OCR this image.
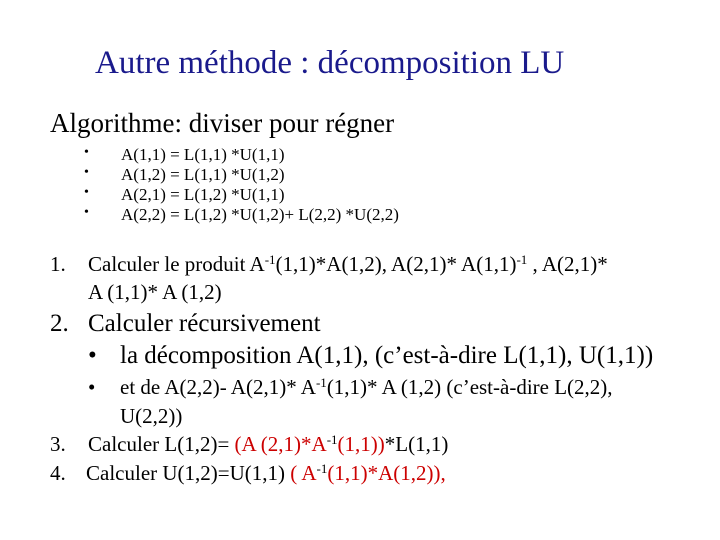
Autre méthode : décomposition LU
Algorithme: diviser pour régner
• A(1,1) = L(1,1) *U(1,1)
• A(1,2) = L(1,1) *U(1,2)
• A(2,1) = L(1,2) *U(1,1)
• A(2,2) = L(1,2) *U(1,2)+ L(2,2) *U(2,2)
1. Calculer le produit $A^{-1}(1,1)*A(1,2)$, A(2,1)* $A(1,1)^{-1}$ , A(2,1)*
A (1,1)* A (1,2)
2. Calculer récursivement
• la décomposition A(1,1), (c’est-à-dire L(1,1), U(1,1))
• et de A(2,2)- A(2,1)* $A^{-1}(1,1)*$ A (1,2) (c’est-à-dire L(2,2),
U(2,2))
3. Calculer L(1,2)= (A $(2,1)*A^{-1}(1,1))*L(1,1)$
4. Calculer U(1,2)=U(1,1) ( $A^{-1}(1,1)*A(1,2)$),
